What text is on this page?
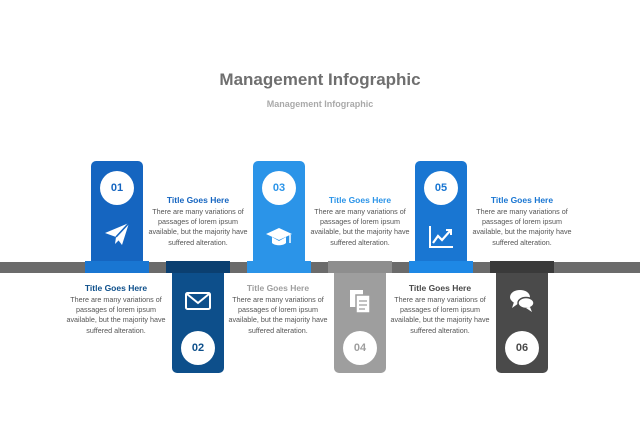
Management Infographic
Management Infographic
01
Title Goes Here
There are many variations of passages of lorem ipsum available, but the majority have suffered alteration.
02
Title Goes Here
There are many variations of passages of lorem ipsum available, but the majority have suffered alteration.
03
Title Goes Here
There are many variations of passages of lorem ipsum available, but the majority have suffered alteration.
04
Title Goes Here
There are many variations of passages of lorem ipsum available, but the majority have suffered alteration.
05
Title Goes Here
There are many variations of passages of lorem ipsum available, but the majority have suffered alteration.
06
Title Goes Here
There are many variations of passages of lorem ipsum available, but the majority have suffered alteration.
